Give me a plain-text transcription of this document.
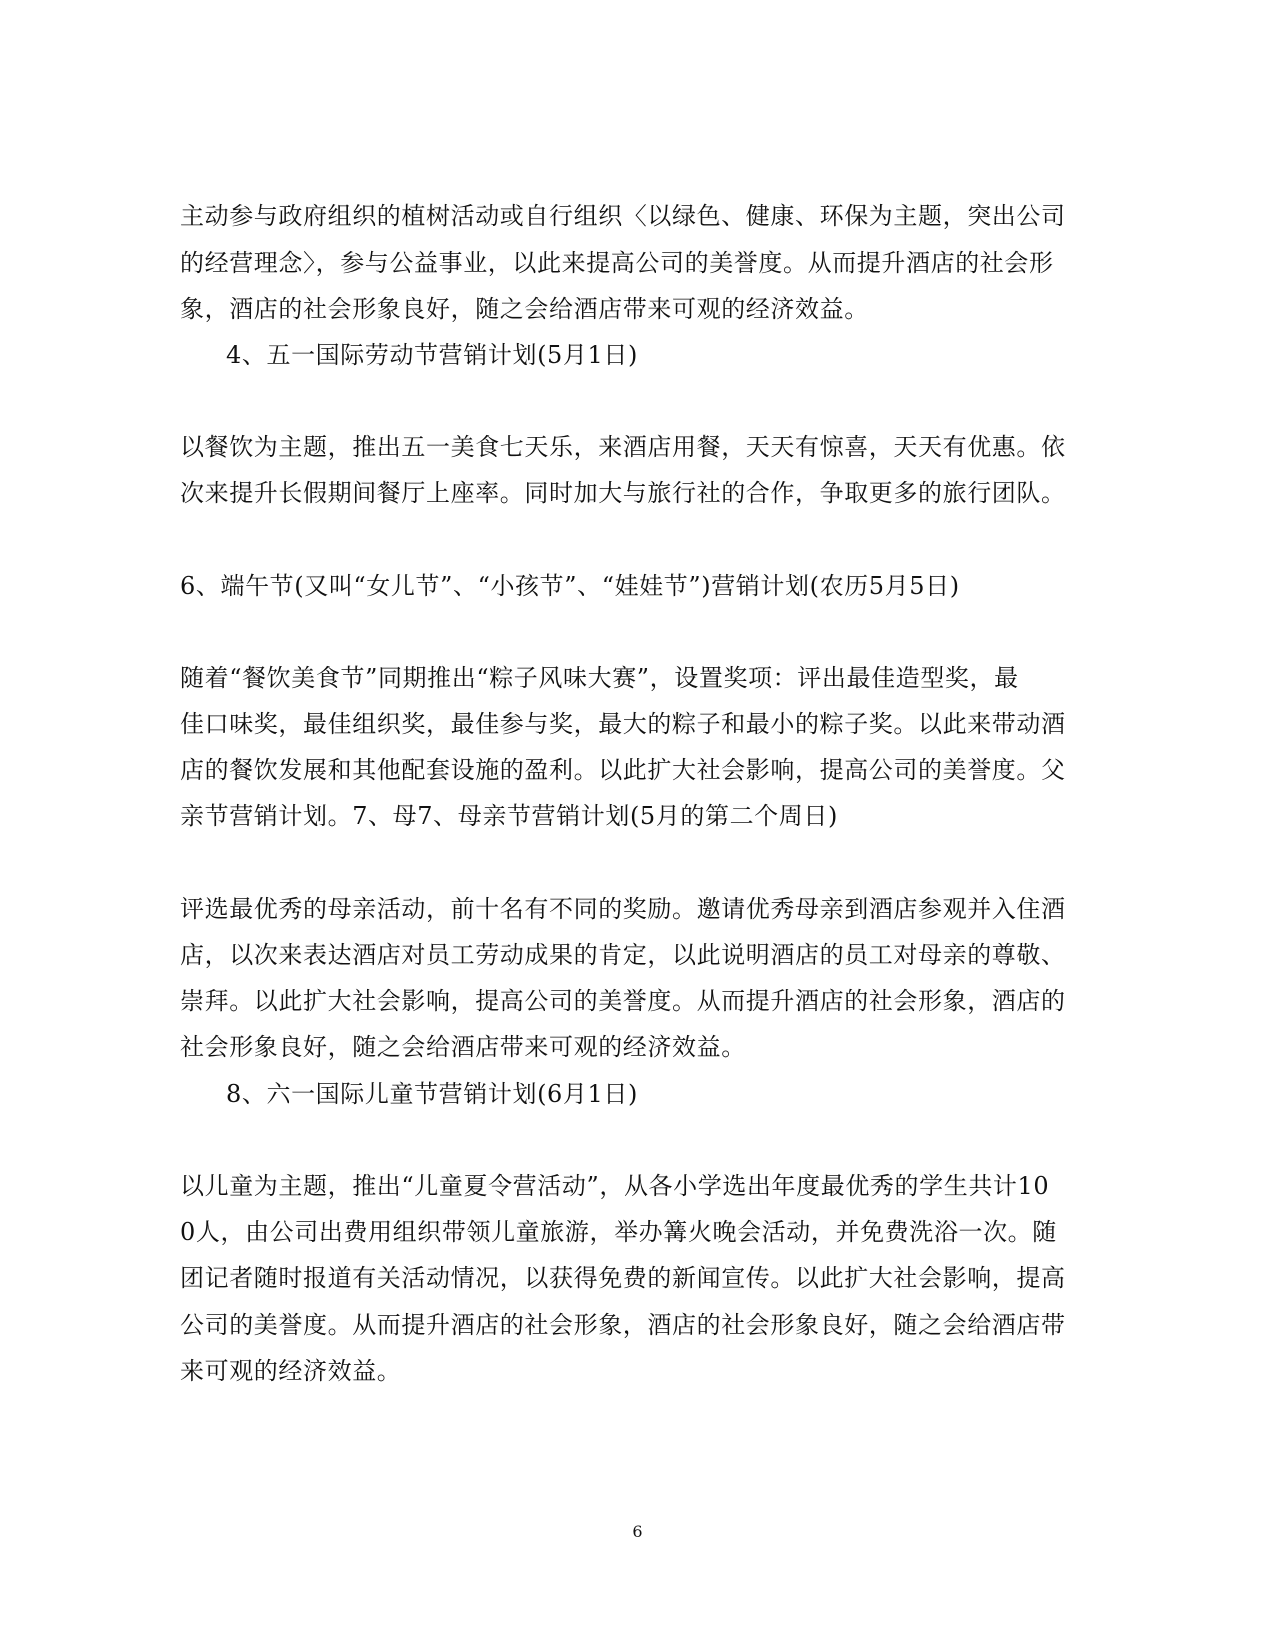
主动参与政府组织的植树活动或自行组织〈以绿色、健康、环保为主题，突出公司
的经营理念〉，参与公益事业，以此来提高公司的美誉度。从而提升酒店的社会形
象，酒店的社会形象良好，随之会给酒店带来可观的经济效益。
4、五一国际劳动节营销计划(5月1日)
以餐饮为主题，推出五一美食七天乐，来酒店用餐，天天有惊喜，天天有优惠。依
次来提升长假期间餐厅上座率。同时加大与旅行社的合作，争取更多的旅行团队。
6、端午节(又叫“女儿节”、“小孩节”、“娃娃节”)营销计划(农历5月5日)
随着“餐饮美食节”同期推出“粽子风味大赛”，设置奖项：评出最佳造型奖，最
佳口味奖，最佳组织奖，最佳参与奖，最大的粽子和最小的粽子奖。以此来带动酒
店的餐饮发展和其他配套设施的盈利。以此扩大社会影响，提高公司的美誉度。父
亲节营销计划。7、母7、母亲节营销计划(5月的第二个周日)
评选最优秀的母亲活动，前十名有不同的奖励。邀请优秀母亲到酒店参观并入住酒
店，以次来表达酒店对员工劳动成果的肯定，以此说明酒店的员工对母亲的尊敬、
崇拜。以此扩大社会影响，提高公司的美誉度。从而提升酒店的社会形象，酒店的
社会形象良好，随之会给酒店带来可观的经济效益。
8、六一国际儿童节营销计划(6月1日)
以儿童为主题，推出“儿童夏令营活动”，从各小学选出年度最优秀的学生共计10
0人，由公司出费用组织带领儿童旅游，举办篝火晚会活动，并免费洗浴一次。随
团记者随时报道有关活动情况，以获得免费的新闻宣传。以此扩大社会影响，提高
公司的美誉度。从而提升酒店的社会形象，酒店的社会形象良好，随之会给酒店带
来可观的经济效益。
6
